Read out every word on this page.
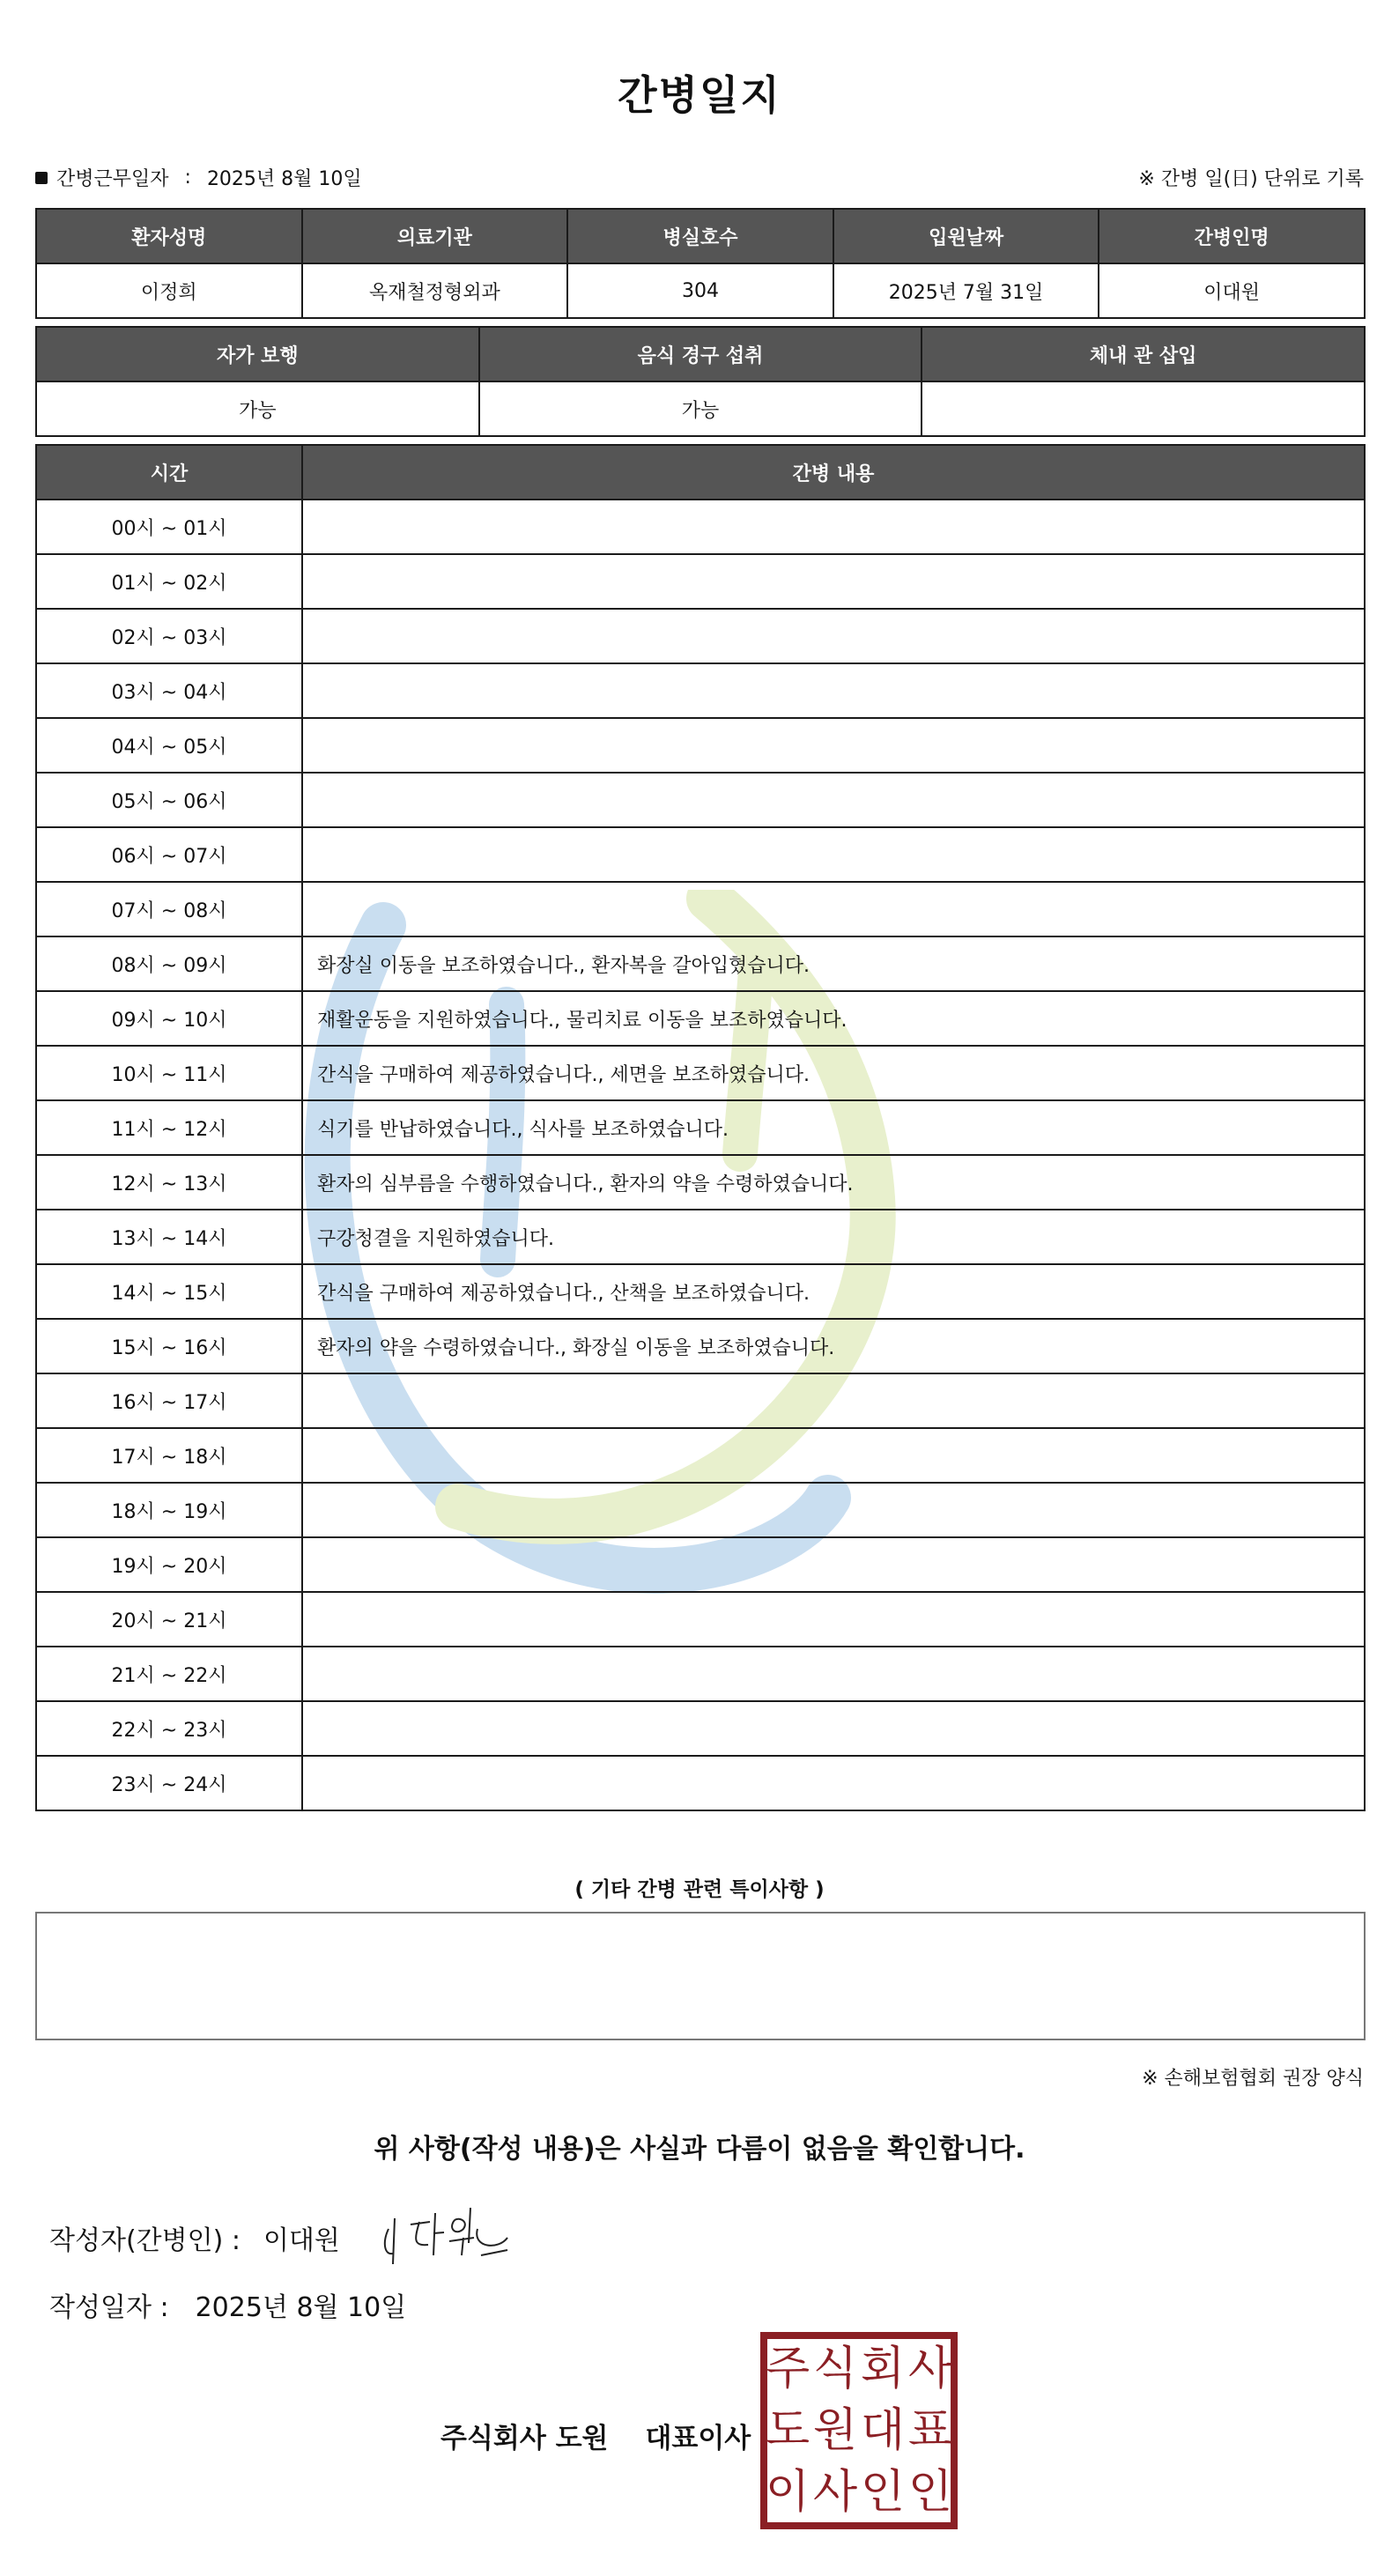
간병일지
간병근무일자 : 2025년 8월 10일	※ 간병 일(日) 단위로 기록
환자성명	의료기관	병실호수	입원날짜	간병인명
이정희	옥재철정형외과	304	2025년 7월 31일	이대원
자가 보행	음식 경구 섭취	체내 관 삽입
가능	가능	
시간	간병 내용
00시 ~ 01시	
01시 ~ 02시	
02시 ~ 03시	
03시 ~ 04시	
04시 ~ 05시	
05시 ~ 06시	
06시 ~ 07시	
07시 ~ 08시	
08시 ~ 09시	화장실 이동을 보조하였습니다., 환자복을 갈아입혔습니다.
09시 ~ 10시	재활운동을 지원하였습니다., 물리치료 이동을 보조하였습니다.
10시 ~ 11시	간식을 구매하여 제공하였습니다., 세면을 보조하였습니다.
11시 ~ 12시	식기를 반납하였습니다., 식사를 보조하였습니다.
12시 ~ 13시	환자의 심부름을 수행하였습니다., 환자의 약을 수령하였습니다.
13시 ~ 14시	구강청결을 지원하였습니다.
14시 ~ 15시	간식을 구매하여 제공하였습니다., 산책을 보조하였습니다.
15시 ~ 16시	환자의 약을 수령하였습니다., 화장실 이동을 보조하였습니다.
16시 ~ 17시	
17시 ~ 18시	
18시 ~ 19시	
19시 ~ 20시	
20시 ~ 21시	
21시 ~ 22시	
22시 ~ 23시	
23시 ~ 24시	
( 기타 간병 관련 특이사항 )
※ 손해보험협회 권장 양식
위 사항(작성 내용)은 사실과 다름이 없음을 확인합니다.
작성자(간병인) : 이대원
작성일자 : 2025년 8월 10일
주식회사 도원 대표이사
주 식 회 사
도 원 대 표
이 사 인 인
